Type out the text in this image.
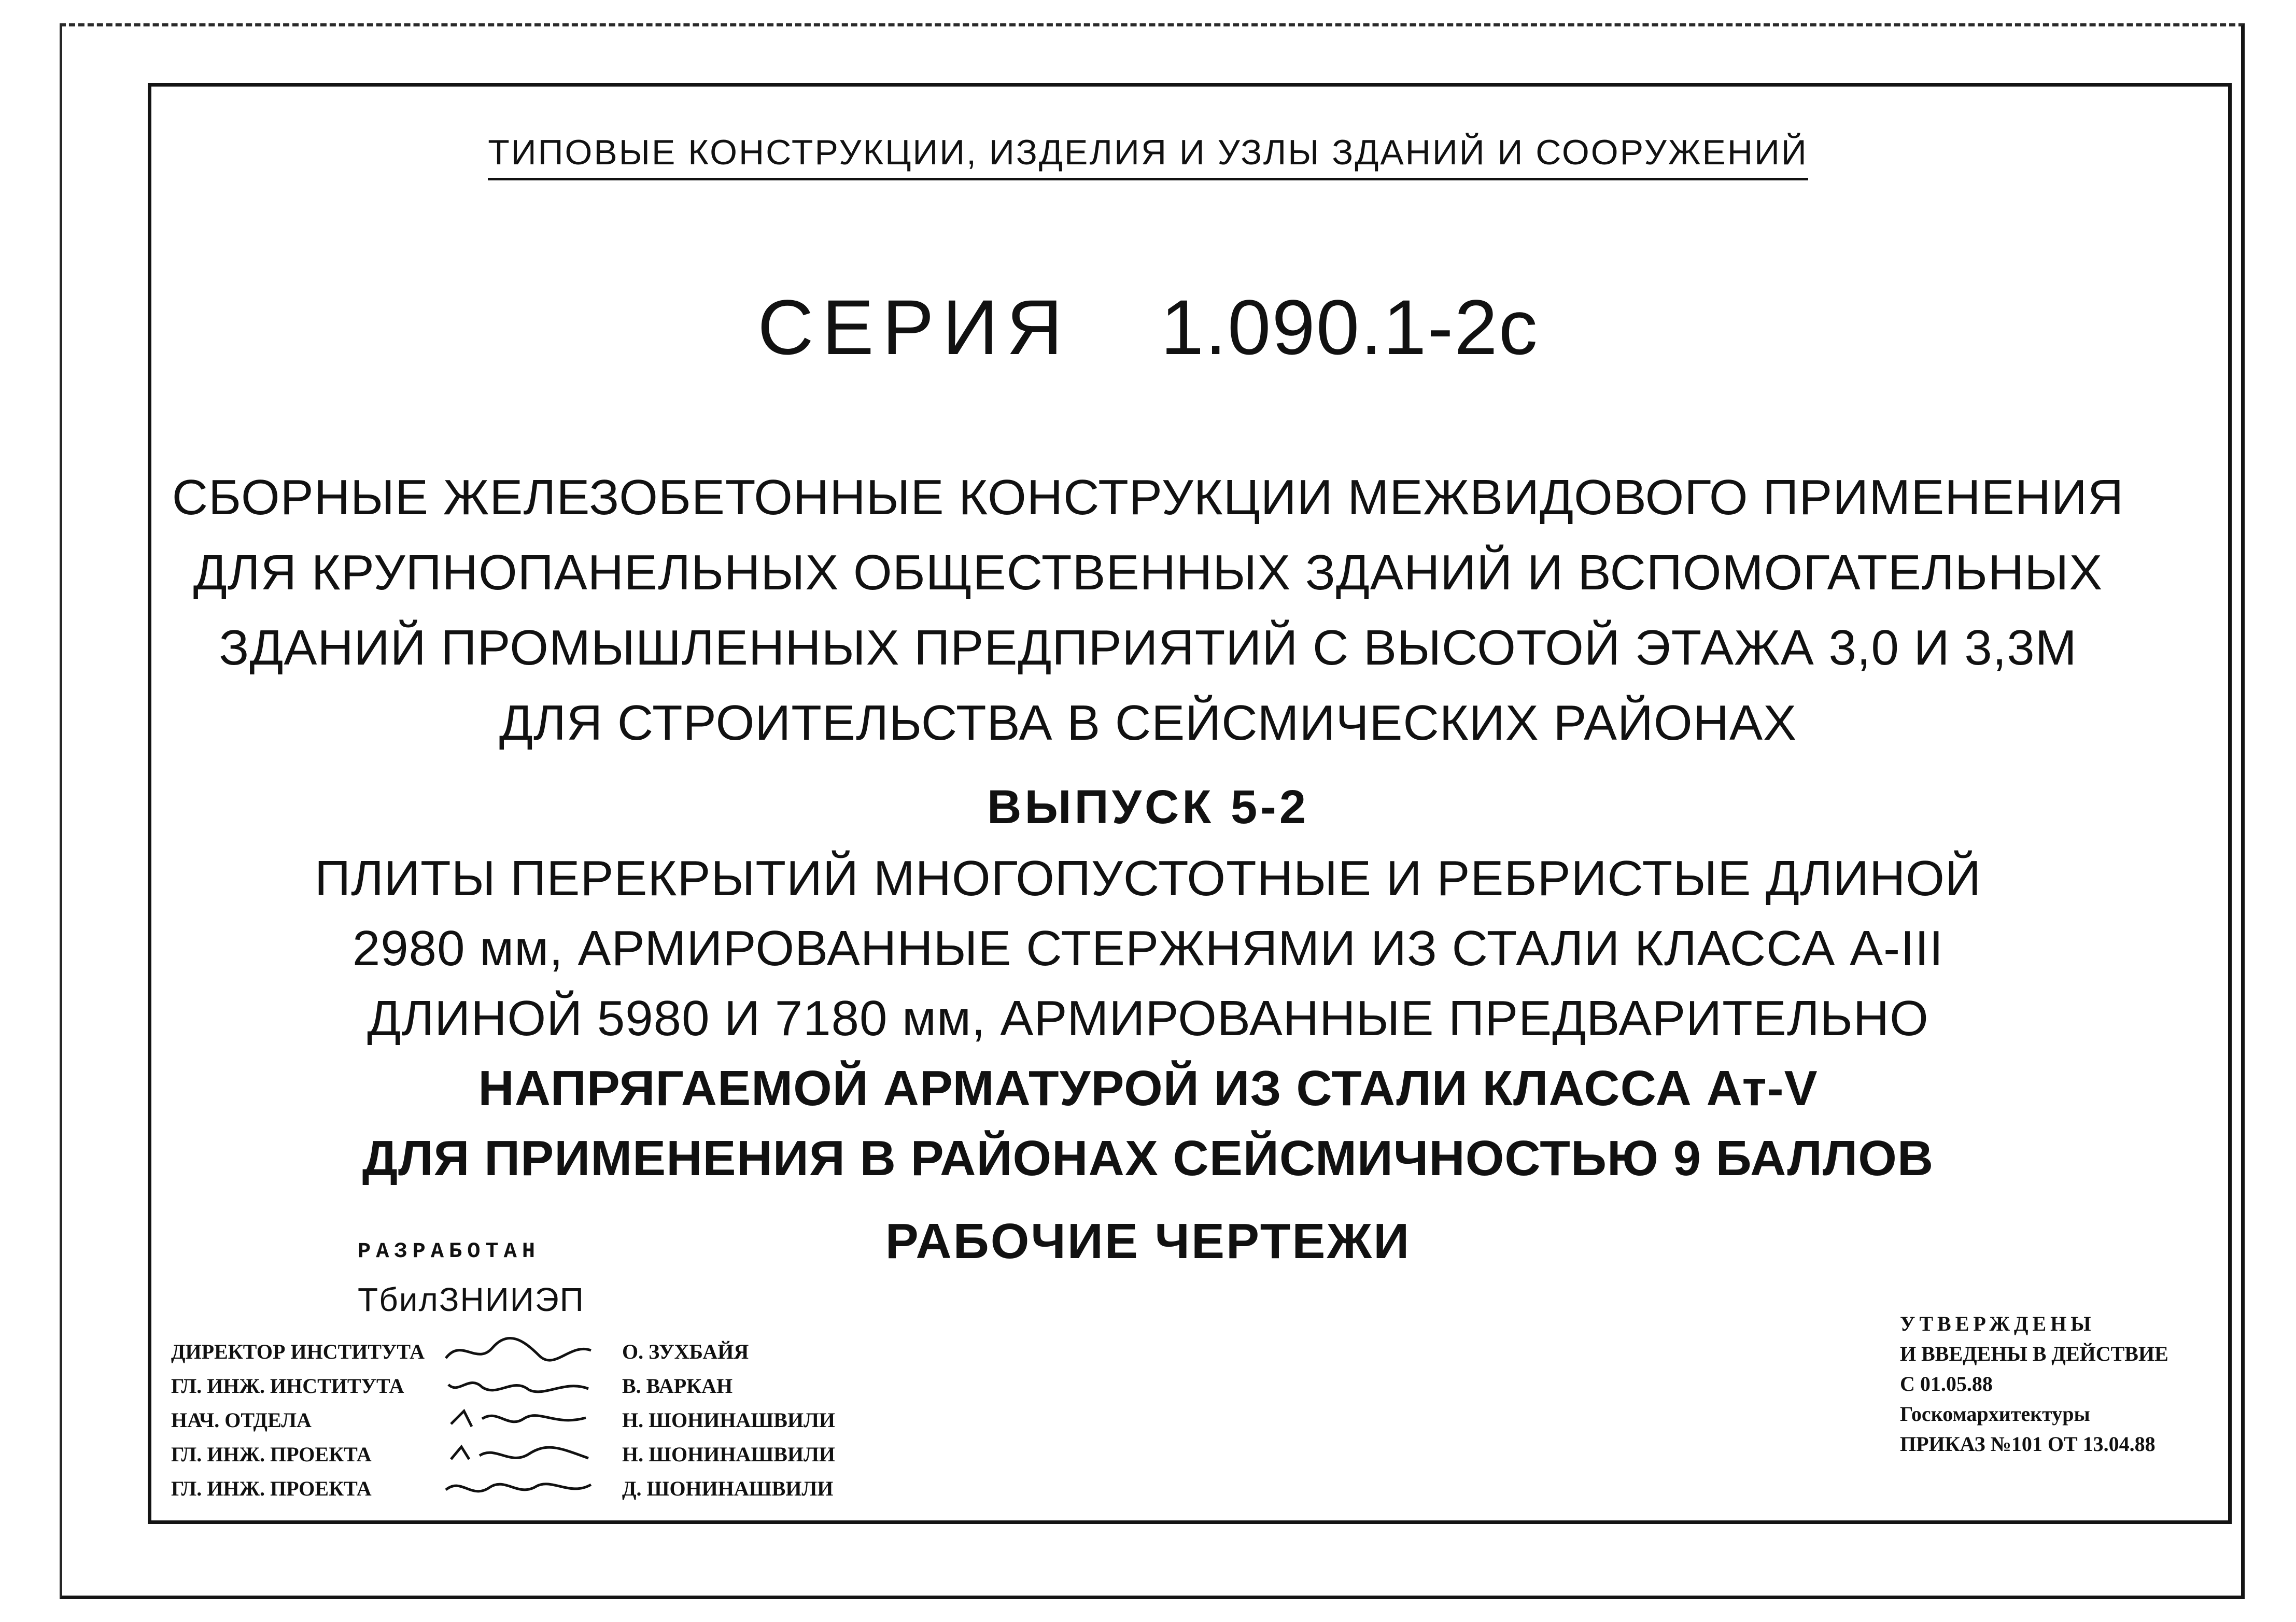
ТИПОВЫЕ КОНСТРУКЦИИ, ИЗДЕЛИЯ И УЗЛЫ ЗДАНИЙ И СООРУЖЕНИЙ
СЕРИЯ 1.090.1-2с
СБОРНЫЕ ЖЕЛЕЗОБЕТОННЫЕ КОНСТРУКЦИИ МЕЖВИДОВОГО ПРИМЕНЕНИЯ
ДЛЯ КРУПНОПАНЕЛЬНЫХ ОБЩЕСТВЕННЫХ ЗДАНИЙ И ВСПОМОГАТЕЛЬНЫХ
ЗДАНИЙ ПРОМЫШЛЕННЫХ ПРЕДПРИЯТИЙ С ВЫСОТОЙ ЭТАЖА 3,0 И 3,3М
ДЛЯ СТРОИТЕЛЬСТВА В СЕЙСМИЧЕСКИХ РАЙОНАХ
ВЫПУСК 5-2
ПЛИТЫ ПЕРЕКРЫТИЙ МНОГОПУСТОТНЫЕ И РЕБРИСТЫЕ ДЛИНОЙ
2980 мм, АРМИРОВАННЫЕ СТЕРЖНЯМИ ИЗ СТАЛИ КЛАССА А-III
ДЛИНОЙ 5980 И 7180 мм, АРМИРОВАННЫЕ ПРЕДВАРИТЕЛЬНО
НАПРЯГАЕМОЙ АРМАТУРОЙ ИЗ СТАЛИ КЛАССА Ат-V
ДЛЯ ПРИМЕНЕНИЯ В РАЙОНАХ СЕЙСМИЧНОСТЬЮ 9 БАЛЛОВ
РАБОЧИЕ ЧЕРТЕЖИ
РАЗРАБОТАН
ТбилЗНИИЭП
ДИРЕКТОР ИНСТИТУТА	О. ЗУХБАЙЯ
ГЛ. ИНЖ. ИНСТИТУТА	В. ВАРКАН
НАЧ. ОТДЕЛА	Н. ШОНИНАШВИЛИ
ГЛ. ИНЖ. ПРОЕКТА	Н. ШОНИНАШВИЛИ
ГЛ. ИНЖ. ПРОЕКТА	Д. ШОНИНАШВИЛИ
УТВЕРЖДЕНЫ
И ВВЕДЕНЫ В ДЕЙСТВИЕ
С 01.05.88
Госкомархитектуры
ПРИКАЗ №101 ОТ 13.04.88
